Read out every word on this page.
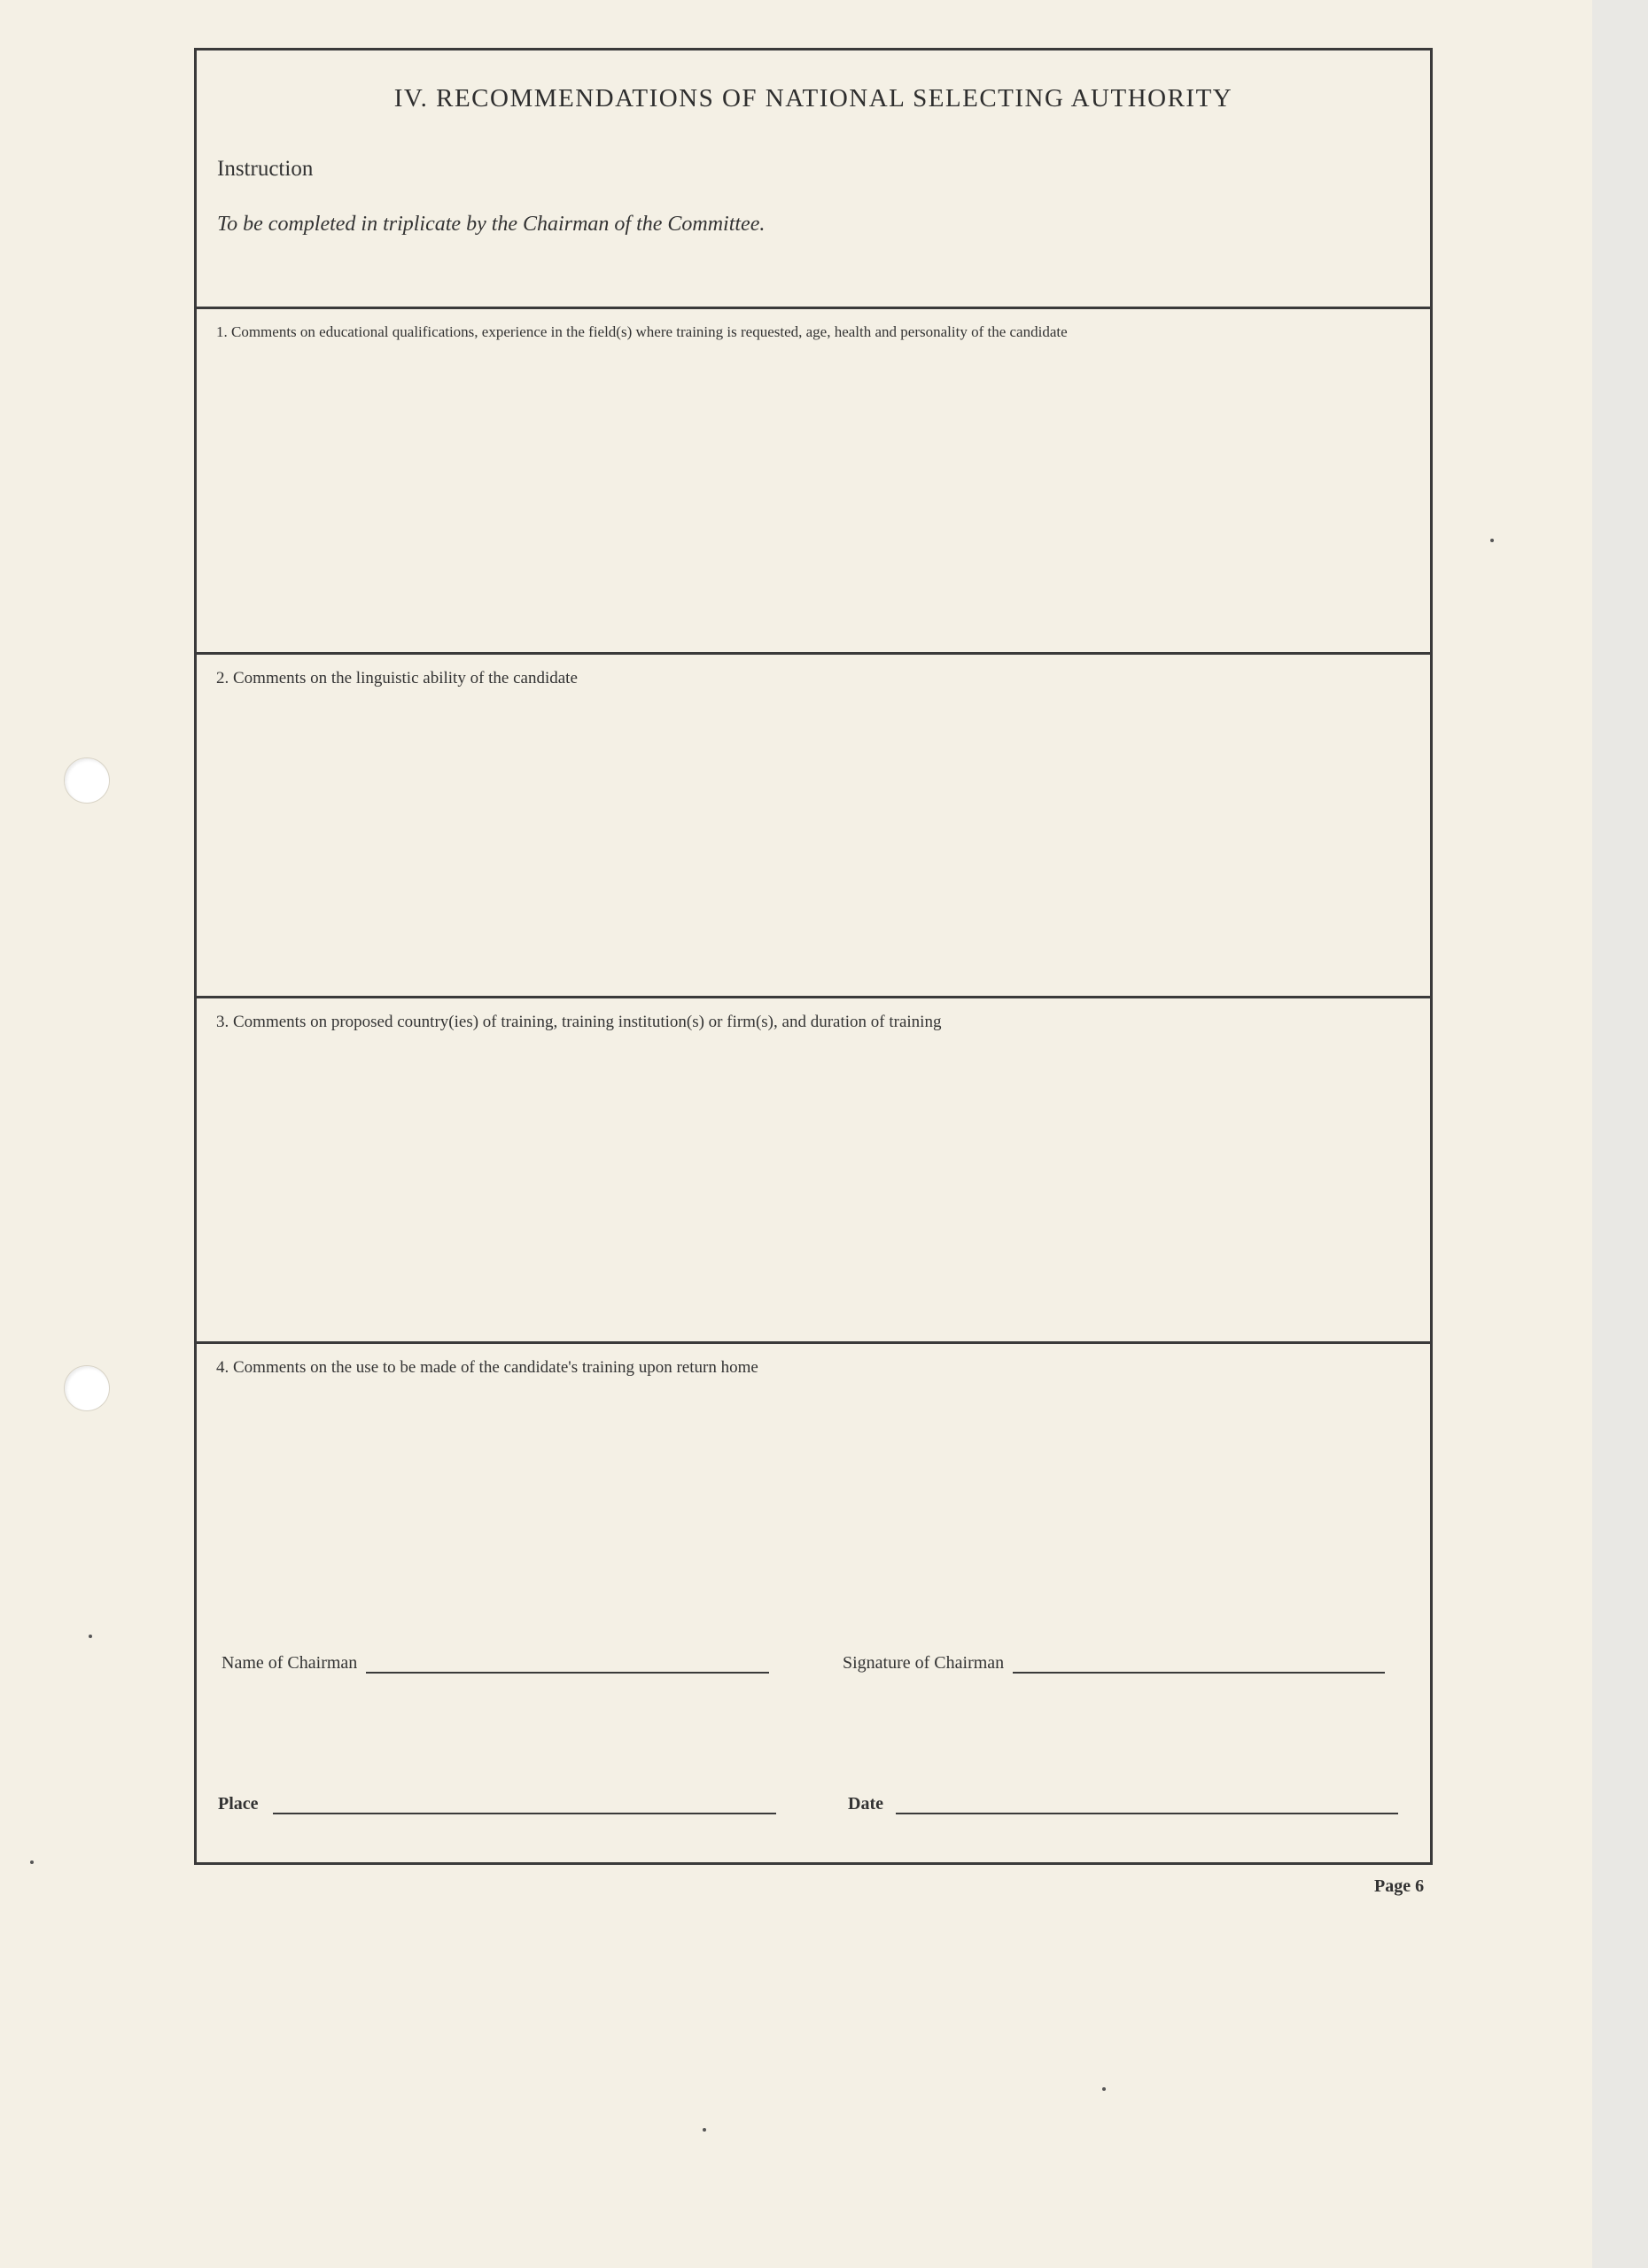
IV. RECOMMENDATIONS OF NATIONAL SELECTING AUTHORITY
Instruction
To be completed in triplicate by the Chairman of the Committee.
1. Comments on educational qualifications, experience in the field(s) where training is requested, age, health and personality of the candidate
2. Comments on the linguistic ability of the candidate
3. Comments on proposed country(ies) of training, training institution(s) or firm(s), and duration of training
4. Comments on the use to be made of the candidate's training upon return home
Name of Chairman	Signature of Chairman
Place	Date
Page 6
